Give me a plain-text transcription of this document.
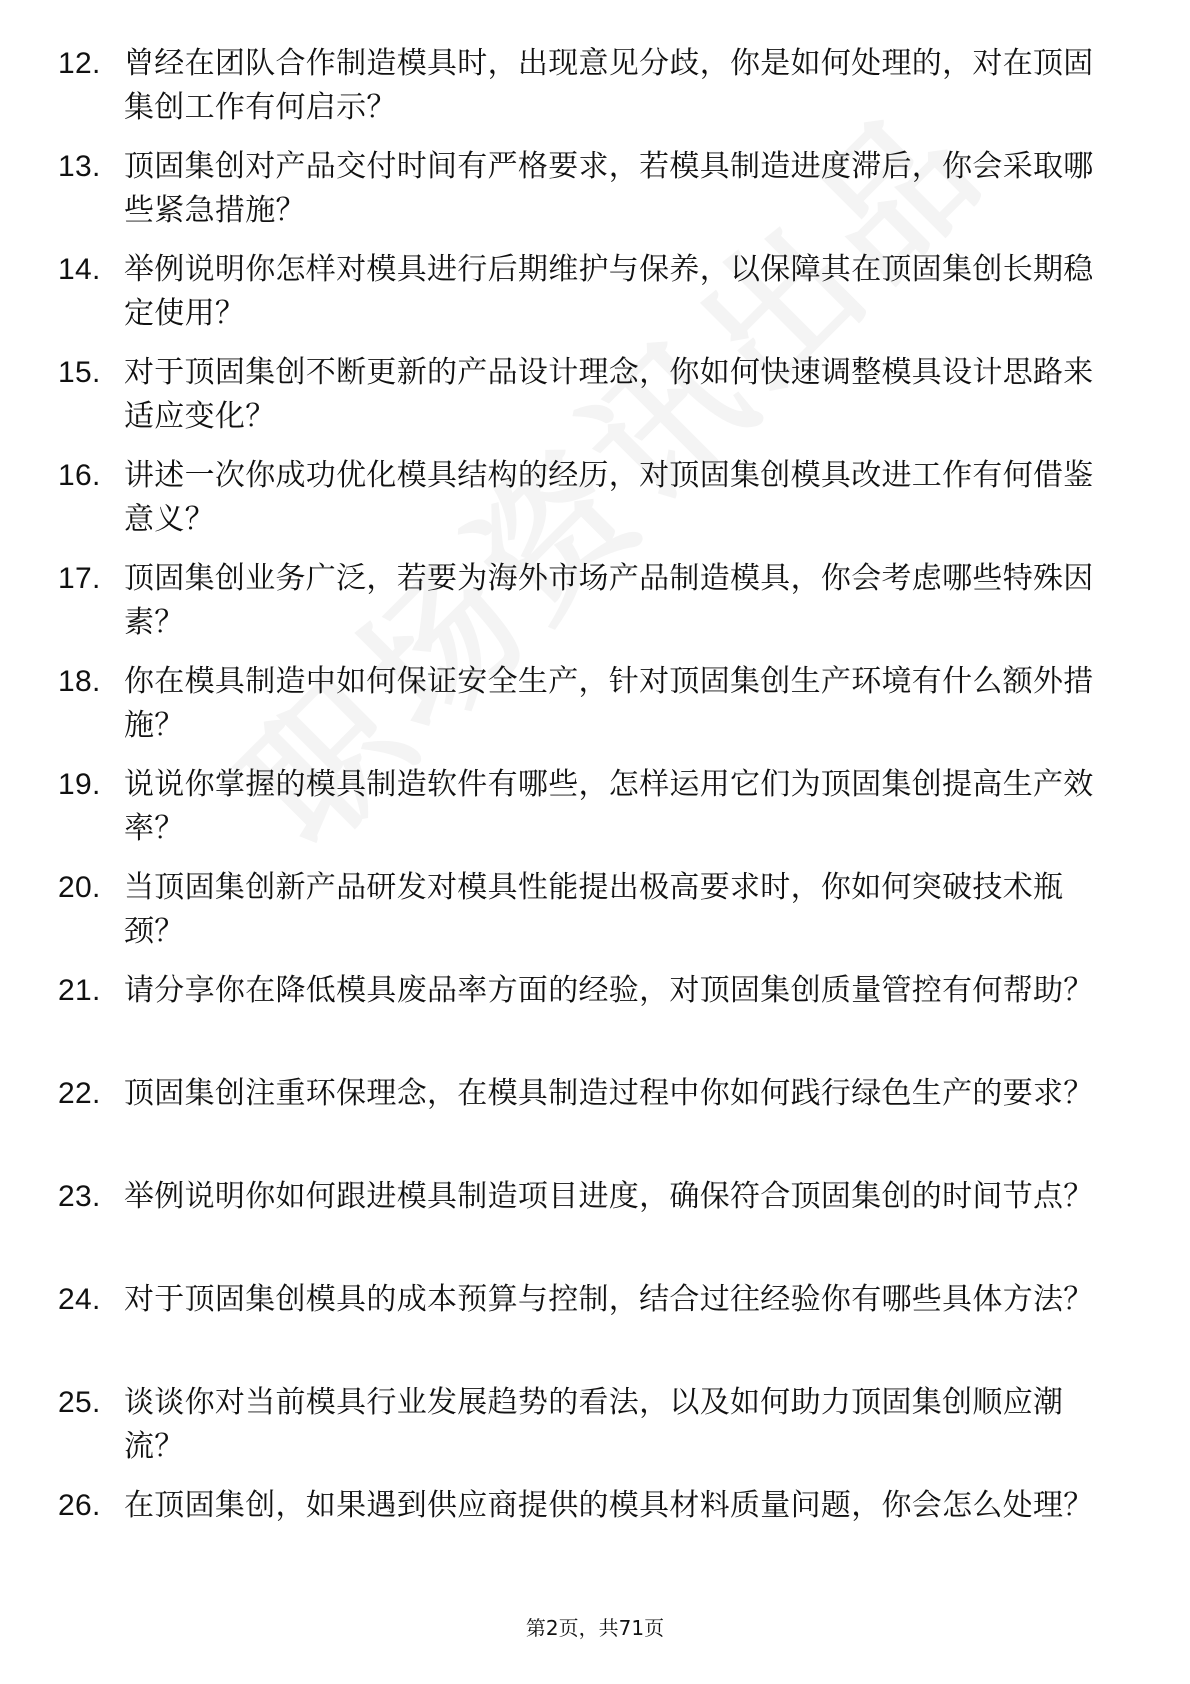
12. 曾经在团队合作制造模具时，出现意见分歧，你是如何处理的，对在顶固集创工作有何启示？
13. 顶固集创对产品交付时间有严格要求，若模具制造进度滞后，你会采取哪些紧急措施？
14. 举例说明你怎样对模具进行后期维护与保养，以保障其在顶固集创长期稳定使用？
15. 对于顶固集创不断更新的产品设计理念，你如何快速调整模具设计思路来适应变化？
16. 讲述一次你成功优化模具结构的经历，对顶固集创模具改进工作有何借鉴意义？
17. 顶固集创业务广泛，若要为海外市场产品制造模具，你会考虑哪些特殊因素？
18. 你在模具制造中如何保证安全生产，针对顶固集创生产环境有什么额外措施？
19. 说说你掌握的模具制造软件有哪些，怎样运用它们为顶固集创提高生产效率？
20. 当顶固集创新产品研发对模具性能提出极高要求时，你如何突破技术瓶颈？
21. 请分享你在降低模具废品率方面的经验，对顶固集创质量管控有何帮助？
22. 顶固集创注重环保理念，在模具制造过程中你如何践行绿色生产的要求？
23. 举例说明你如何跟进模具制造项目进度，确保符合顶固集创的时间节点？
24. 对于顶固集创模具的成本预算与控制，结合过往经验你有哪些具体方法？
25. 谈谈你对当前模具行业发展趋势的看法，以及如何助力顶固集创顺应潮流？
26. 在顶固集创，如果遇到供应商提供的模具材料质量问题，你会怎么处理？
第2页，共71页
